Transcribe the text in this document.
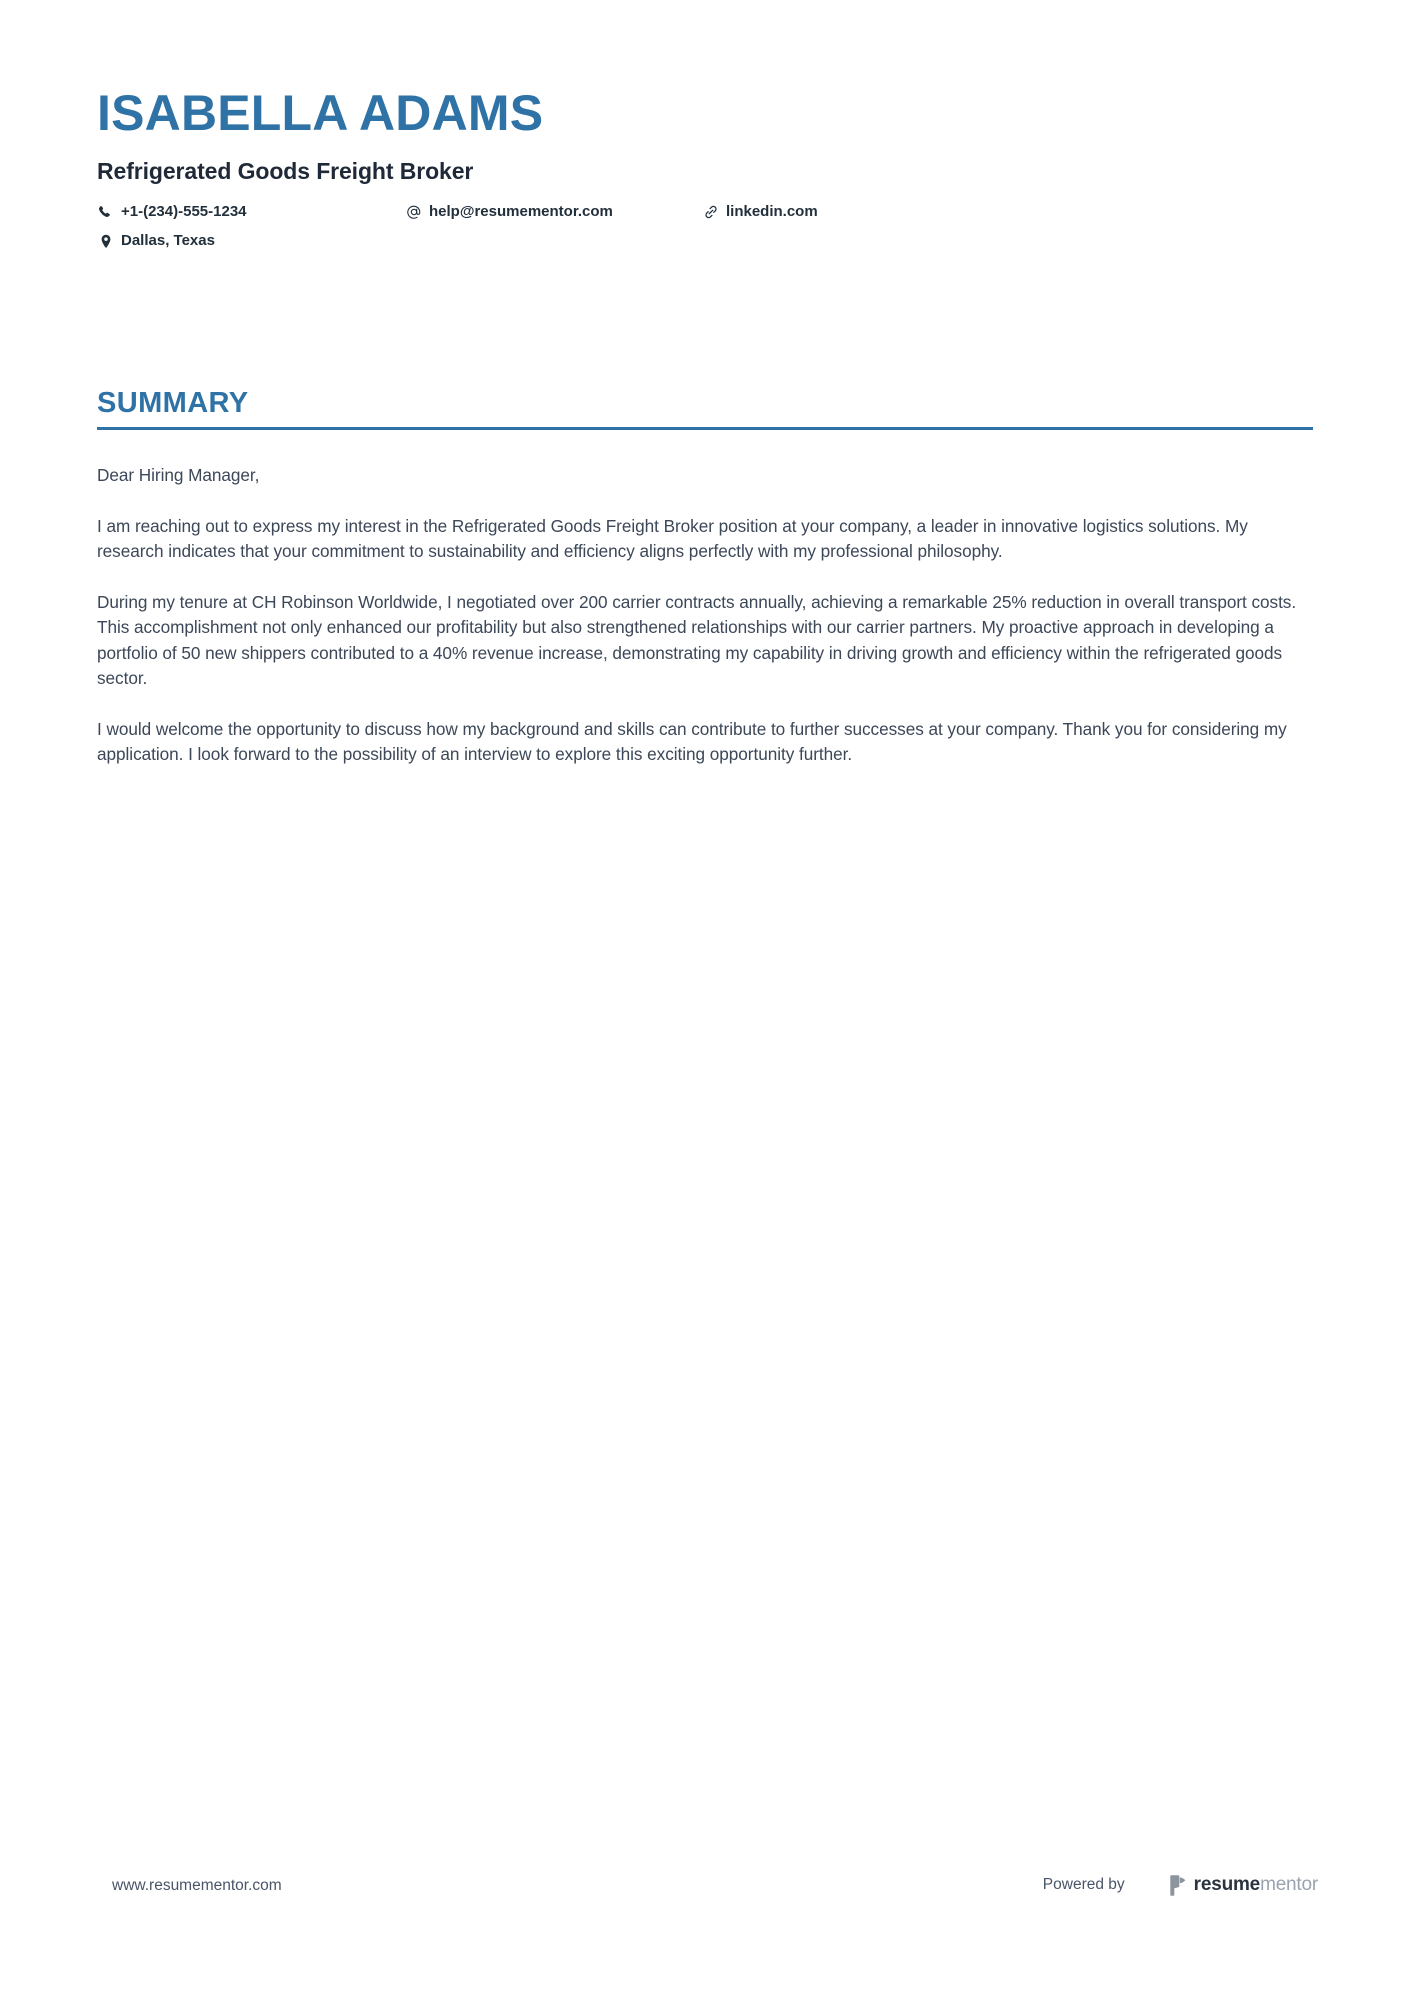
ISABELLA ADAMS
Refrigerated Goods Freight Broker
+1-(234)-555-1234	help@resumementor.com	linkedin.com
Dallas, Texas
SUMMARY

Dear Hiring Manager,

I am reaching out to express my interest in the Refrigerated Goods Freight Broker position at your company, a leader in innovative logistics solutions. My research indicates that your commitment to sustainability and efficiency aligns perfectly with my professional philosophy.

During my tenure at CH Robinson Worldwide, I negotiated over 200 carrier contracts annually, achieving a remarkable 25% reduction in overall transport costs. This accomplishment not only enhanced our profitability but also strengthened relationships with our carrier partners. My proactive approach in developing a portfolio of 50 new shippers contributed to a 40% revenue increase, demonstrating my capability in driving growth and efficiency within the refrigerated goods sector.

I would welcome the opportunity to discuss how my background and skills can contribute to further successes at your company. Thank you for considering my application. I look forward to the possibility of an interview to explore this exciting opportunity further.

www.resumementor.com	Powered by	resumementor
